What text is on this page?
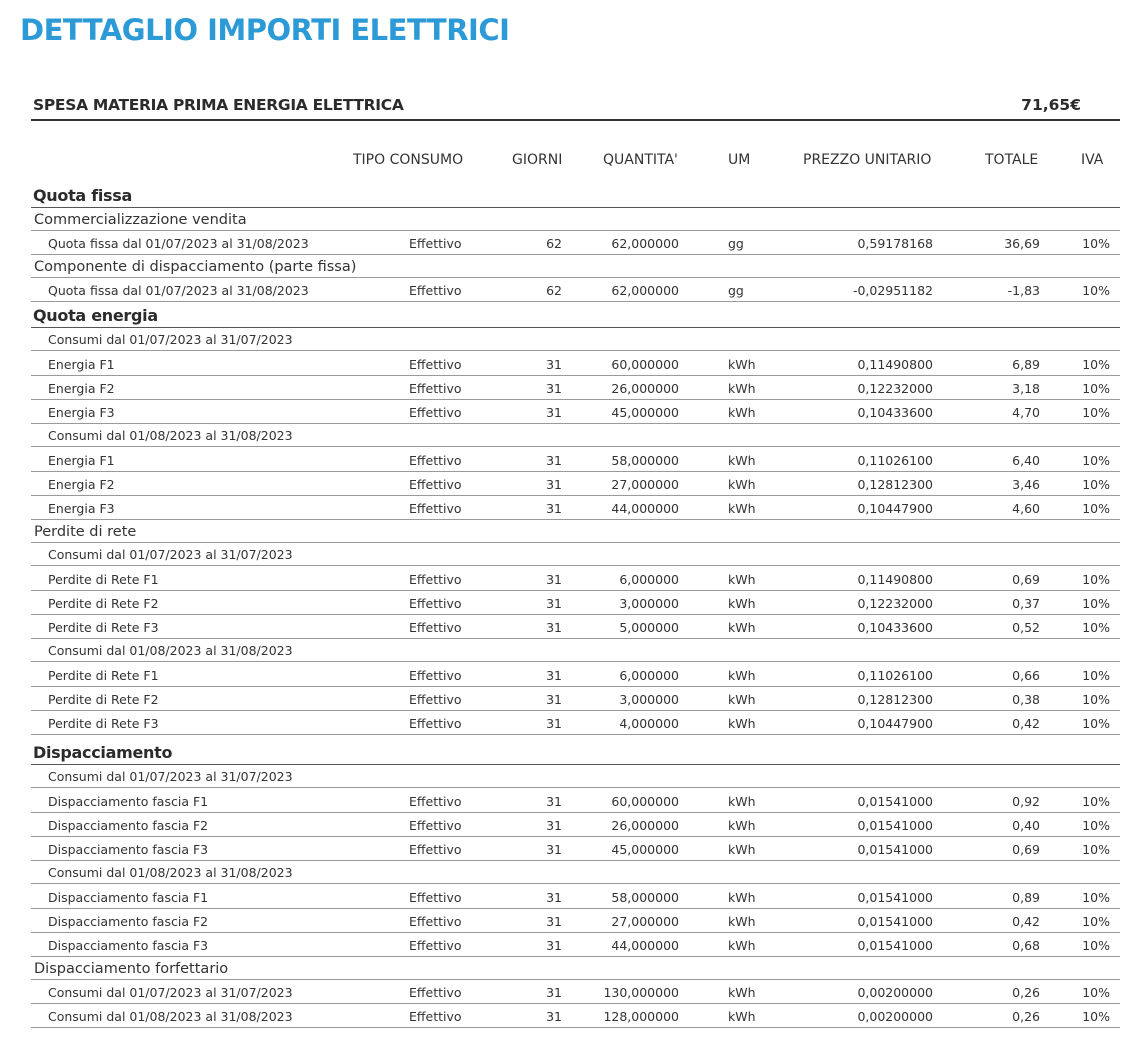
DETTAGLIO IMPORTI ELETTRICI
SPESA MATERIA PRIMA ENERGIA ELETTRICA	71,65€
TIPO CONSUMO	GIORNI	QUANTITA'	UM	PREZZO UNITARIO	TOTALE	IVA
Quota fissa
Commercializzazione vendita
Quota fissa dal 01/07/2023 al 31/08/2023	Effettivo	62	62,000000	gg	0,59178168	36,69	10%
Componente di dispacciamento (parte fissa)
Quota fissa dal 01/07/2023 al 31/08/2023	Effettivo	62	62,000000	gg	-0,02951182	-1,83	10%
Quota energia
Consumi dal 01/07/2023 al 31/07/2023
Energia F1	Effettivo	31	60,000000	kWh	0,11490800	6,89	10%
Energia F2	Effettivo	31	26,000000	kWh	0,12232000	3,18	10%
Energia F3	Effettivo	31	45,000000	kWh	0,10433600	4,70	10%
Consumi dal 01/08/2023 al 31/08/2023
Energia F1	Effettivo	31	58,000000	kWh	0,11026100	6,40	10%
Energia F2	Effettivo	31	27,000000	kWh	0,12812300	3,46	10%
Energia F3	Effettivo	31	44,000000	kWh	0,10447900	4,60	10%
Perdite di rete
Consumi dal 01/07/2023 al 31/07/2023
Perdite di Rete F1	Effettivo	31	6,000000	kWh	0,11490800	0,69	10%
Perdite di Rete F2	Effettivo	31	3,000000	kWh	0,12232000	0,37	10%
Perdite di Rete F3	Effettivo	31	5,000000	kWh	0,10433600	0,52	10%
Consumi dal 01/08/2023 al 31/08/2023
Perdite di Rete F1	Effettivo	31	6,000000	kWh	0,11026100	0,66	10%
Perdite di Rete F2	Effettivo	31	3,000000	kWh	0,12812300	0,38	10%
Perdite di Rete F3	Effettivo	31	4,000000	kWh	0,10447900	0,42	10%
Dispacciamento
Consumi dal 01/07/2023 al 31/07/2023
Dispacciamento fascia F1	Effettivo	31	60,000000	kWh	0,01541000	0,92	10%
Dispacciamento fascia F2	Effettivo	31	26,000000	kWh	0,01541000	0,40	10%
Dispacciamento fascia F3	Effettivo	31	45,000000	kWh	0,01541000	0,69	10%
Consumi dal 01/08/2023 al 31/08/2023
Dispacciamento fascia F1	Effettivo	31	58,000000	kWh	0,01541000	0,89	10%
Dispacciamento fascia F2	Effettivo	31	27,000000	kWh	0,01541000	0,42	10%
Dispacciamento fascia F3	Effettivo	31	44,000000	kWh	0,01541000	0,68	10%
Dispacciamento forfettario
Consumi dal 01/07/2023 al 31/07/2023	Effettivo	31	130,000000	kWh	0,00200000	0,26	10%
Consumi dal 01/08/2023 al 31/08/2023	Effettivo	31	128,000000	kWh	0,00200000	0,26	10%
